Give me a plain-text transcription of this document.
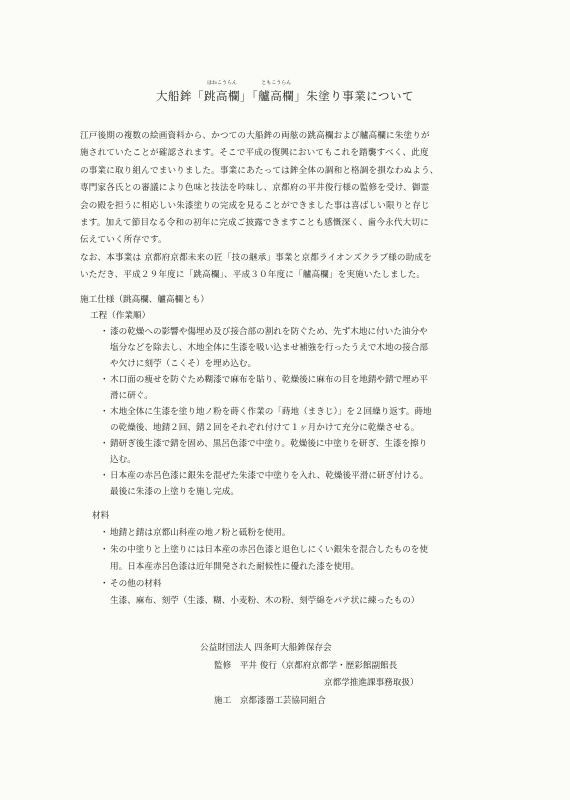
大船鉾「
はねこうらん
跳高欄」「
ともこうらん
艫高欄」朱塗り事業について

江戸後期の複数の絵画資料から、かつての大船鉾の両舷の跳高欄および艫高欄に朱塗りが

施されていたことが確認されます。そこで平成の復興においてもこれを踏襲すべく、此度

の事業に取り組んでまいりました。事業にあたっては鉾全体の調和と格調を損なわぬよう、

専門家各氏との審議により色味と技法を吟味し、京都府の平井俊行様の監修を受け、御霊

会の殿を担うに相応しい朱漆塗りの完成を見ることができました事は喜ばしい限りと存じ

ます。加えて節目なる令和の初年に完成ご披露できますことも感慨深く、歯今永代大切に

伝えていく所存です。

なお、本事業は 京都府京都未来の匠「技の継承」事業と京都ライオンズクラブ様の助成を

いただき、平成２９年度に「跳高欄」、平成３０年度に「艫高欄」を実施いたしました。

施工仕様（跳高欄、艫高欄とも）

工程（作業順）

・ 漆の乾燥への影響や傷埋め及び接合部の割れを防ぐため、先ず木地に付いた油分や
塩分などを除去し、木地全体に生漆を吸い込ませ補強を行ったうえで木地の接合部
や欠けに刻苧（こくそ）を埋め込む。
・ 木口面の痩せを防ぐため糊漆で麻布を貼り、乾燥後に麻布の目を地錆や錆で埋め平
滑に研ぐ。
・ 木地全体に生漆を塗り地ノ粉を蒔く作業の「蒔地（まきじ）」を２回繰り返す。蒔地
の乾燥後、地錆２回、錆２回をそれぞれ付けて１ヶ月かけて充分に乾燥させる。
・ 錆研ぎ後生漆で錆を固め、黒呂色漆で中塗り。乾燥後に中塗りを研ぎ、生漆を擦り
込む。
・ 日本産の赤呂色漆に銀朱を混ぜた朱漆で中塗りを入れ、乾燥後平滑に研ぎ付ける。
最後に朱漆の上塗りを施し完成。

材料

・ 地錆と錆は京都山科産の地ノ粉と砥粉を使用。
・ 朱の中塗りと上塗りには日本産の赤呂色漆と退色しにくい銀朱を混合したものを使
用。日本産赤呂色漆は近年開発された耐候性に優れた漆を使用。
・ その他の材料

生漆、麻布、刻苧（生漆、糊、小麦粉、木の粉、刻苧綿をパテ状に練ったもの）

公益財団法人 四条町大船鉾保存会

監修　 平井 俊行（京都府京都学・歴彩館副館長

京都学推進課事務取扱）

施工　 京都漆器工芸協同組合
